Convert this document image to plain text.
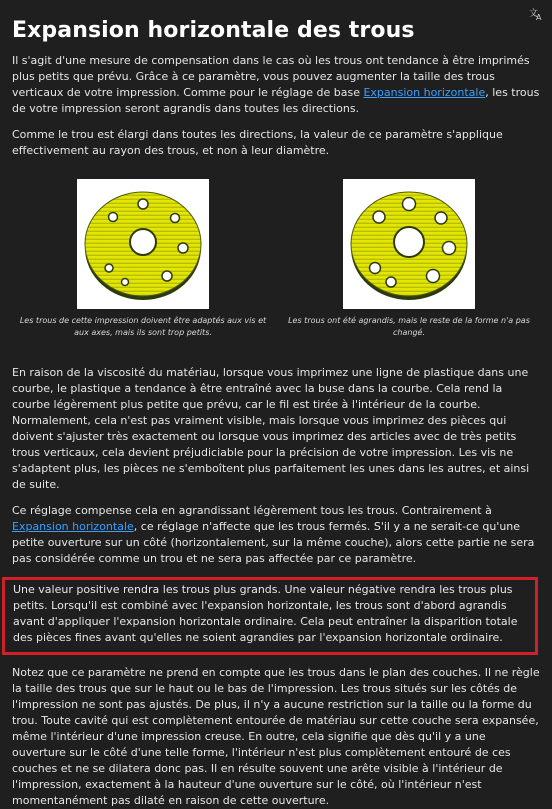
文
A
Expansion horizontale des trous

Il s'agit d'une mesure de compensation dans le cas où les trous ont tendance à être imprimés plus petits que prévu. Grâce à ce paramètre, vous pouvez augmenter la taille des trous verticaux de votre impression. Comme pour le réglage de base Expansion horizontale, les trous de votre impression seront agrandis dans toutes les directions.

Comme le trou est élargi dans toutes les directions, la valeur de ce paramètre s'applique effectivement au rayon des trous, et non à leur diamètre.

Les trous de cette impression doivent être adaptés aux vis et aux axes, mais ils sont trop petits.
Les trous ont été agrandis, mais le reste de la forme n'a pas changé.

En raison de la viscosité du matériau, lorsque vous imprimez une ligne de plastique dans une courbe, le plastique a tendance à être entraîné avec la buse dans la courbe. Cela rend la courbe légèrement plus petite que prévu, car le fil est tirée à l'intérieur de la courbe. Normalement, cela n'est pas vraiment visible, mais lorsque vous imprimez des pièces qui doivent s'ajuster très exactement ou lorsque vous imprimez des articles avec de très petits trous verticaux, cela devient préjudiciable pour la précision de votre impression. Les vis ne s'adaptent plus, les pièces ne s'emboîtent plus parfaitement les unes dans les autres, et ainsi de suite.

Ce réglage compense cela en agrandissant légèrement tous les trous. Contrairement à Expansion horizontale, ce réglage n'affecte que les trous fermés. S'il y a ne serait-ce qu'une petite ouverture sur un côté (horizontalement, sur la même couche), alors cette partie ne sera pas considérée comme un trou et ne sera pas affectée par ce paramètre.

Une valeur positive rendra les trous plus grands. Une valeur négative rendra les trous plus petits. Lorsqu'il est combiné avec l'expansion horizontale, les trous sont d'abord agrandis avant d'appliquer l'expansion horizontale ordinaire. Cela peut entraîner la disparition totale des pièces fines avant qu'elles ne soient agrandies par l'expansion horizontale ordinaire.

Notez que ce paramètre ne prend en compte que les trous dans le plan des couches. Il ne règle la taille des trous que sur le haut ou le bas de l'impression. Les trous situés sur les côtés de l'impression ne sont pas ajustés. De plus, il n'y a aucune restriction sur la taille ou la forme du trou. Toute cavité qui est complètement entourée de matériau sur cette couche sera expansée, même l'intérieur d'une impression creuse. En outre, cela signifie que dès qu'il y a une ouverture sur le côté d'une telle forme, l'intérieur n'est plus complètement entouré de ces couches et ne se dilatera donc pas. Il en résulte souvent une arête visible à l'intérieur de l'impression, exactement à la hauteur d'une ouverture sur le côté, où l'intérieur n'est momentanément pas dilaté en raison de cette ouverture.
